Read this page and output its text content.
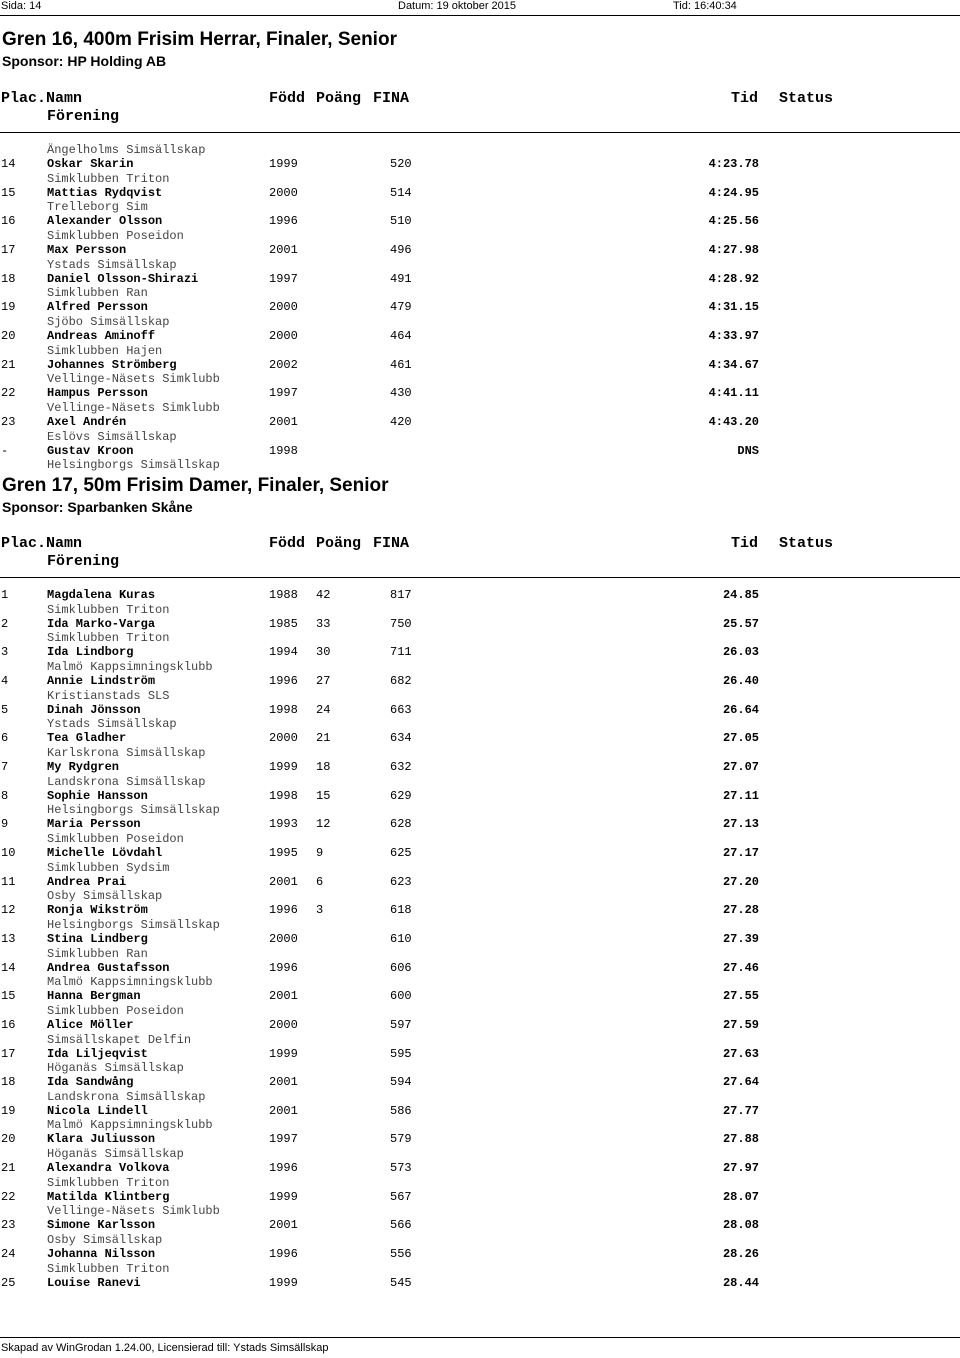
Sida: 14	Datum: 19 oktober 2015	Tid: 16:40:34
Gren 16, 400m Frisim Herrar, Finaler, Senior
Sponsor: HP Holding AB
Plac.Namn	Född Poäng FINA	Tid Status
Förening
Ängelholms Simsällskap
14	Oskar Skarin	1999	520	4:23.78
Simklubben Triton
15	Mattias Rydqvist	2000	514	4:24.95
Trelleborg Sim
16	Alexander Olsson	1996	510	4:25.56
Simklubben Poseidon
17	Max Persson	2001	496	4:27.98
Ystads Simsällskap
18	Daniel Olsson-Shirazi	1997	491	4:28.92
Simklubben Ran
19	Alfred Persson	2000	479	4:31.15
Sjöbo Simsällskap
20	Andreas Aminoff	2000	464	4:33.97
Simklubben Hajen
21	Johannes Strömberg	2002	461	4:34.67
Vellinge-Näsets Simklubb
22	Hampus Persson	1997	430	4:41.11
Vellinge-Näsets Simklubb
23	Axel Andrén	2001	420	4:43.20
Eslövs Simsällskap
-	Gustav Kroon	1998	DNS
Helsingborgs Simsällskap
Gren 17, 50m Frisim Damer, Finaler, Senior
Sponsor: Sparbanken Skåne
Plac.Namn	Född Poäng FINA	Tid Status
Förening
1	Magdalena Kuras	1988 42	817	24.85
Simklubben Triton
2	Ida Marko-Varga	1985 33	750	25.57
Simklubben Triton
3	Ida Lindborg	1994 30	711	26.03
Malmö Kappsimningsklubb
4	Annie Lindström	1996 27	682	26.40
Kristianstads SLS
5	Dinah Jönsson	1998 24	663	26.64
Ystads Simsällskap
6	Tea Gladher	2000 21	634	27.05
Karlskrona Simsällskap
7	My Rydgren	1999 18	632	27.07
Landskrona Simsällskap
8	Sophie Hansson	1998 15	629	27.11
Helsingborgs Simsällskap
9	Maria Persson	1993 12	628	27.13
Simklubben Poseidon
10	Michelle Lövdahl	1995 9	625	27.17
Simklubben Sydsim
11	Andrea Prai	2001 6	623	27.20
Osby Simsällskap
12	Ronja Wikström	1996 3	618	27.28
Helsingborgs Simsällskap
13	Stina Lindberg	2000	610	27.39
Simklubben Ran
14	Andrea Gustafsson	1996	606	27.46
Malmö Kappsimningsklubb
15	Hanna Bergman	2001	600	27.55
Simklubben Poseidon
16	Alice Möller	2000	597	27.59
Simsällskapet Delfin
17	Ida Liljeqvist	1999	595	27.63
Höganäs Simsällskap
18	Ida Sandwång	2001	594	27.64
Landskrona Simsällskap
19	Nicola Lindell	2001	586	27.77
Malmö Kappsimningsklubb
20	Klara Juliusson	1997	579	27.88
Höganäs Simsällskap
21	Alexandra Volkova	1996	573	27.97
Simklubben Triton
22	Matilda Klintberg	1999	567	28.07
Vellinge-Näsets Simklubb
23	Simone Karlsson	2001	566	28.08
Osby Simsällskap
24	Johanna Nilsson	1996	556	28.26
Simklubben Triton
25	Louise Ranevi	1999	545	28.44
Skapad av WinGrodan 1.24.00, Licensierad till: Ystads Simsällskap
